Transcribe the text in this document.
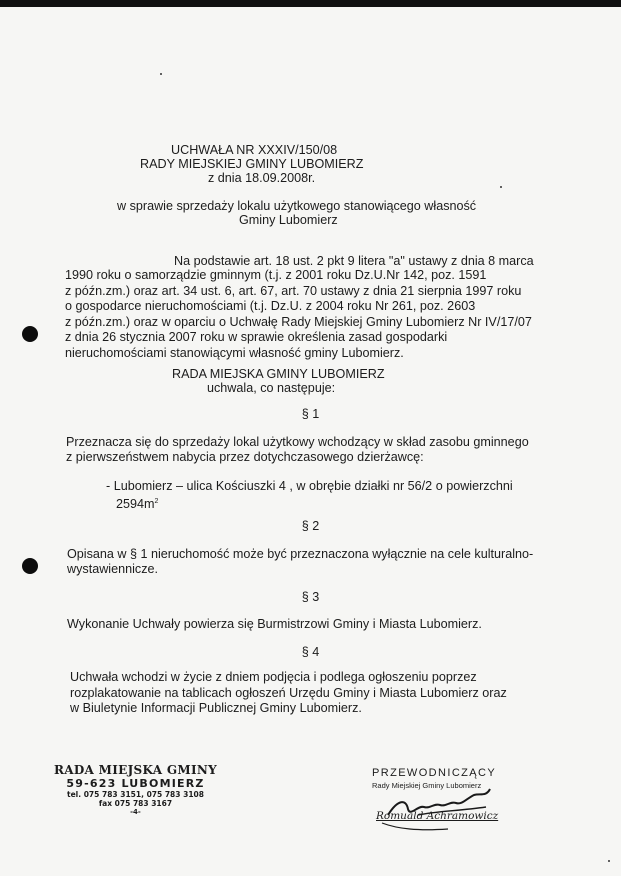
UCHWAŁA NR XXXIV/150/08
RADY MIEJSKIEJ GMINY LUBOMIERZ
z dnia 18.09.2008r.
w sprawie sprzedaży lokalu użytkowego stanowiącego własność
Gminy Lubomierz
Na podstawie art. 18 ust. 2 pkt 9 litera "a" ustawy z dnia 8 marca

1990 roku o samorządzie gminnym (t.j. z 2001 roku Dz.U.Nr 142, poz. 1591

z późn.zm.) oraz art. 34 ust. 6, art. 67, art. 70 ustawy z dnia 21 sierpnia 1997 roku

o gospodarce nieruchomościami (t.j. Dz.U. z 2004 roku Nr 261, poz. 2603

z późn.zm.) oraz w oparciu o Uchwałę Rady Miejskiej Gminy Lubomierz Nr IV/17/07

z dnia 26 stycznia 2007 roku w sprawie określenia zasad gospodarki

nieruchomościami stanowiącymi własność gminy Lubomierz.

RADA MIEJSKA GMINY LUBOMIERZ
uchwala, co następuje:
§ 1
Przeznacza się do sprzedaży lokal użytkowy wchodzący w skład zasobu gminnego
z pierwszeństwem nabycia przez dotychczasowego dzierżawcę:
- Lubomierz – ulica Kościuszki 4 , w obrębie działki nr 56/2 o powierzchni
$2594m^2$
§ 2
Opisana w § 1 nieruchomość może być przeznaczona wyłącznie na cele kulturalno-
wystawiennicze.
§ 3
Wykonanie Uchwały powierza się Burmistrzowi Gminy i Miasta Lubomierz.
§ 4

Uchwała wchodzi w życie z dniem podjęcia i podlega ogłoszeniu poprzez

rozplakatowanie na tablicach ogłoszeń Urzędu Gminy i Miasta Lubomierz oraz

w Biuletynie Informacji Publicznej Gminy Lubomierz.

RADA MIEJSKA GMINY
59-623 LUBOMIERZ
tel. 075 783 3151, 075 783 3108
fax 075 783 3167
-4-
PRZEWODNICZĄCY
Rady Miejskiej Gminy Lubomierz
Romuald Achramowicz
